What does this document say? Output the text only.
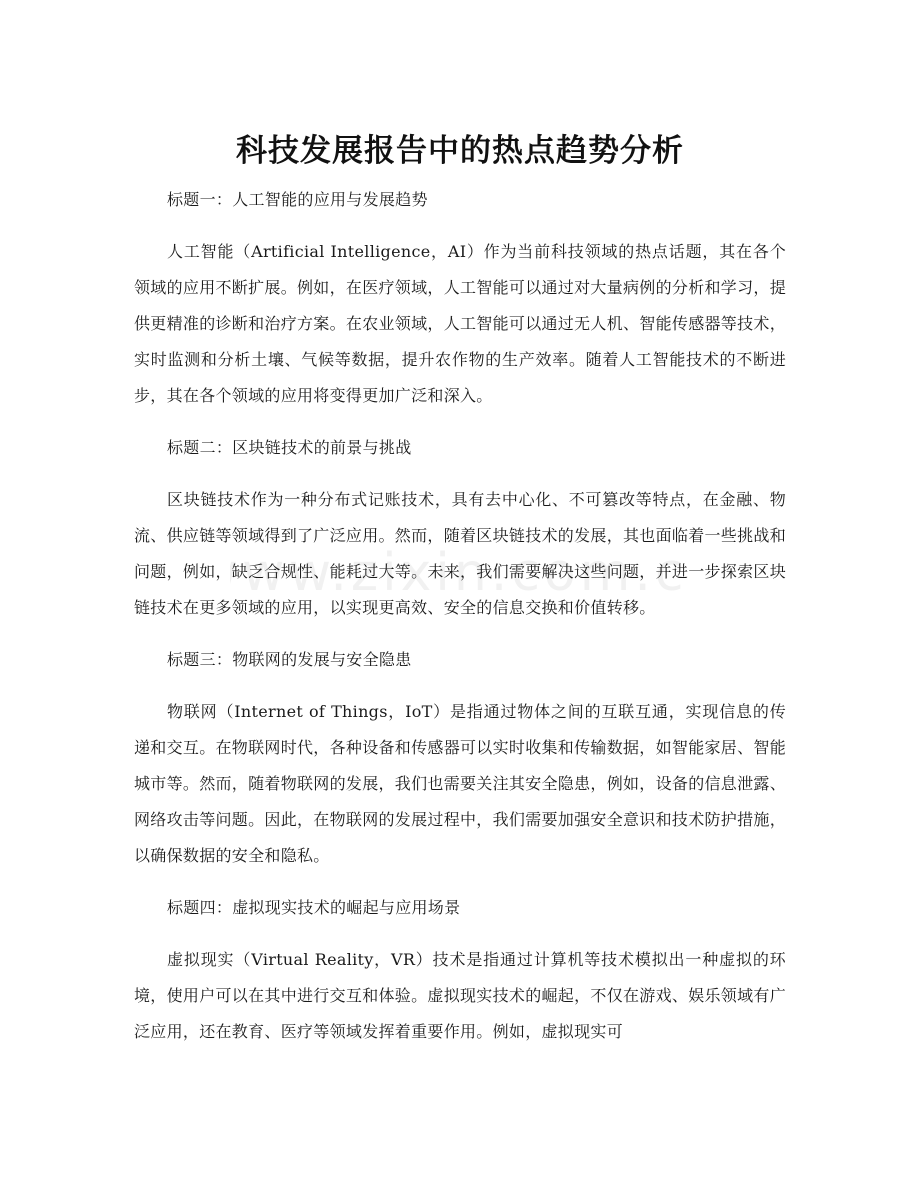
ww.zixin.com.c
科技发展报告中的热点趋势分析

标题一：人工智能的应用与发展趋势

人工智能（Artificial Intelligence，AI）作为当前科技领域的热点话题，其在各个领域的应用不断扩展。例如，在医疗领域，人工智能可以通过对大量病例的分析和学习，提供更精准的诊断和治疗方案。在农业领域，人工智能可以通过无人机、智能传感器等技术，实时监测和分析土壤、气候等数据，提升农作物的生产效率。随着人工智能技术的不断进步，其在各个领域的应用将变得更加广泛和深入。

标题二：区块链技术的前景与挑战

区块链技术作为一种分布式记账技术，具有去中心化、不可篡改等特点，在金融、物流、供应链等领域得到了广泛应用。然而，随着区块链技术的发展，其也面临着一些挑战和问题，例如，缺乏合规性、能耗过大等。未来，我们需要解决这些问题，并进一步探索区块链技术在更多领域的应用，以实现更高效、安全的信息交换和价值转移。

标题三：物联网的发展与安全隐患

物联网（Internet of Things，IoT）是指通过物体之间的互联互通，实现信息的传递和交互。在物联网时代，各种设备和传感器可以实时收集和传输数据，如智能家居、智能城市等。然而，随着物联网的发展，我们也需要关注其安全隐患，例如，设备的信息泄露、网络攻击等问题。因此，在物联网的发展过程中，我们需要加强安全意识和技术防护措施，以确保数据的安全和隐私。

标题四：虚拟现实技术的崛起与应用场景

虚拟现实（Virtual Reality，VR）技术是指通过计算机等技术模拟出一种虚拟的环境，使用户可以在其中进行交互和体验。虚拟现实技术的崛起，不仅在游戏、娱乐领域有广泛应用，还在教育、医疗等领域发挥着重要作用。例如，虚拟现实可
